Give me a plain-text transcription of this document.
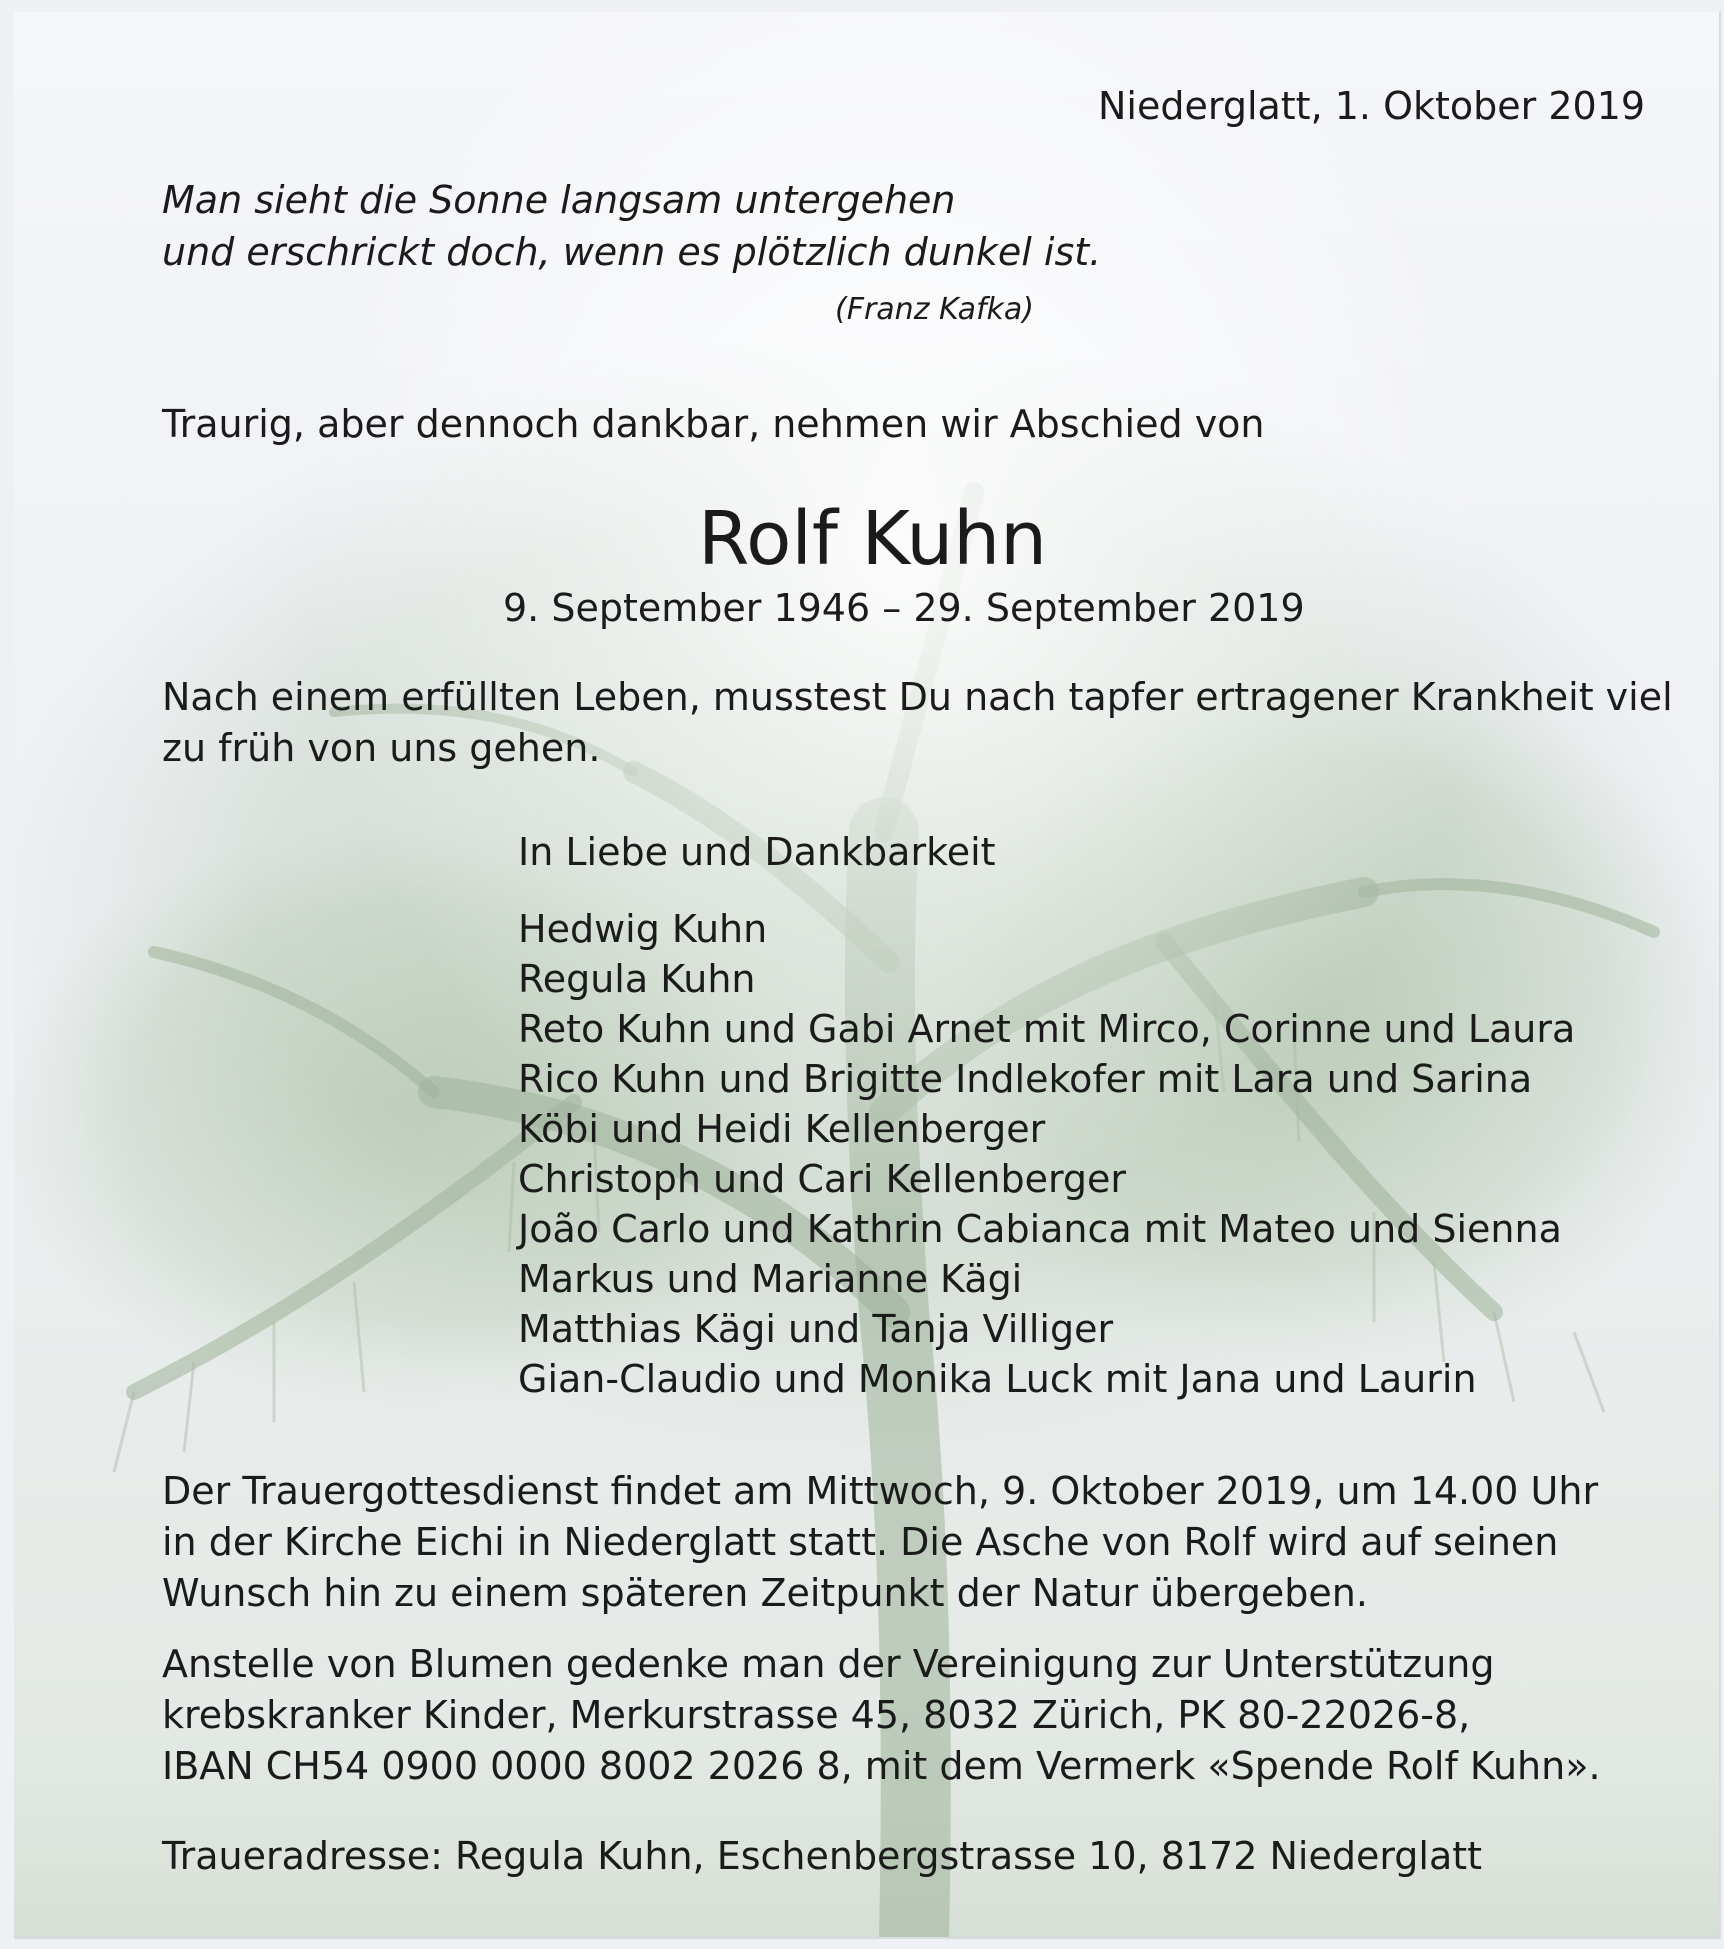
Niederglatt, 1. Oktober 2019

Man sieht die Sonne langsam untergehen
und erschrickt doch, wenn es plötzlich dunkel ist.

(Franz Kafka)

Traurig, aber dennoch dankbar, nehmen wir Abschied von

Rolf Kuhn

9. September 1946 – 29. September 2019

Nach einem erfüllten Leben, musstest Du nach tapfer ertragener Krankheit viel
zu früh von uns gehen.

In Liebe und Dankbarkeit

Hedwig Kuhn
Regula Kuhn
Reto Kuhn und Gabi Arnet mit Mirco, Corinne und Laura
Rico Kuhn und Brigitte Indlekofer mit Lara und Sarina
Köbi und Heidi Kellenberger
Christoph und Cari Kellenberger
João Carlo und Kathrin Cabianca mit Mateo und Sienna
Markus und Marianne Kägi
Matthias Kägi und Tanja Villiger
Gian-Claudio und Monika Luck mit Jana und Laurin
Der Trauergottesdienst findet am Mittwoch, 9. Oktober 2019, um 14.00 Uhr
in der Kirche Eichi in Niederglatt statt. Die Asche von Rolf wird auf seinen
Wunsch hin zu einem späteren Zeitpunkt der Natur übergeben.
Anstelle von Blumen gedenke man der Vereinigung zur Unterstützung
krebskranker Kinder, Merkurstrasse 45, 8032 Zürich, PK 80-22026-8,
IBAN CH54 0900 0000 8002 2026 8, mit dem Vermerk «Spende Rolf Kuhn».

Traueradresse: Regula Kuhn, Eschenbergstrasse 10, 8172 Niederglatt
